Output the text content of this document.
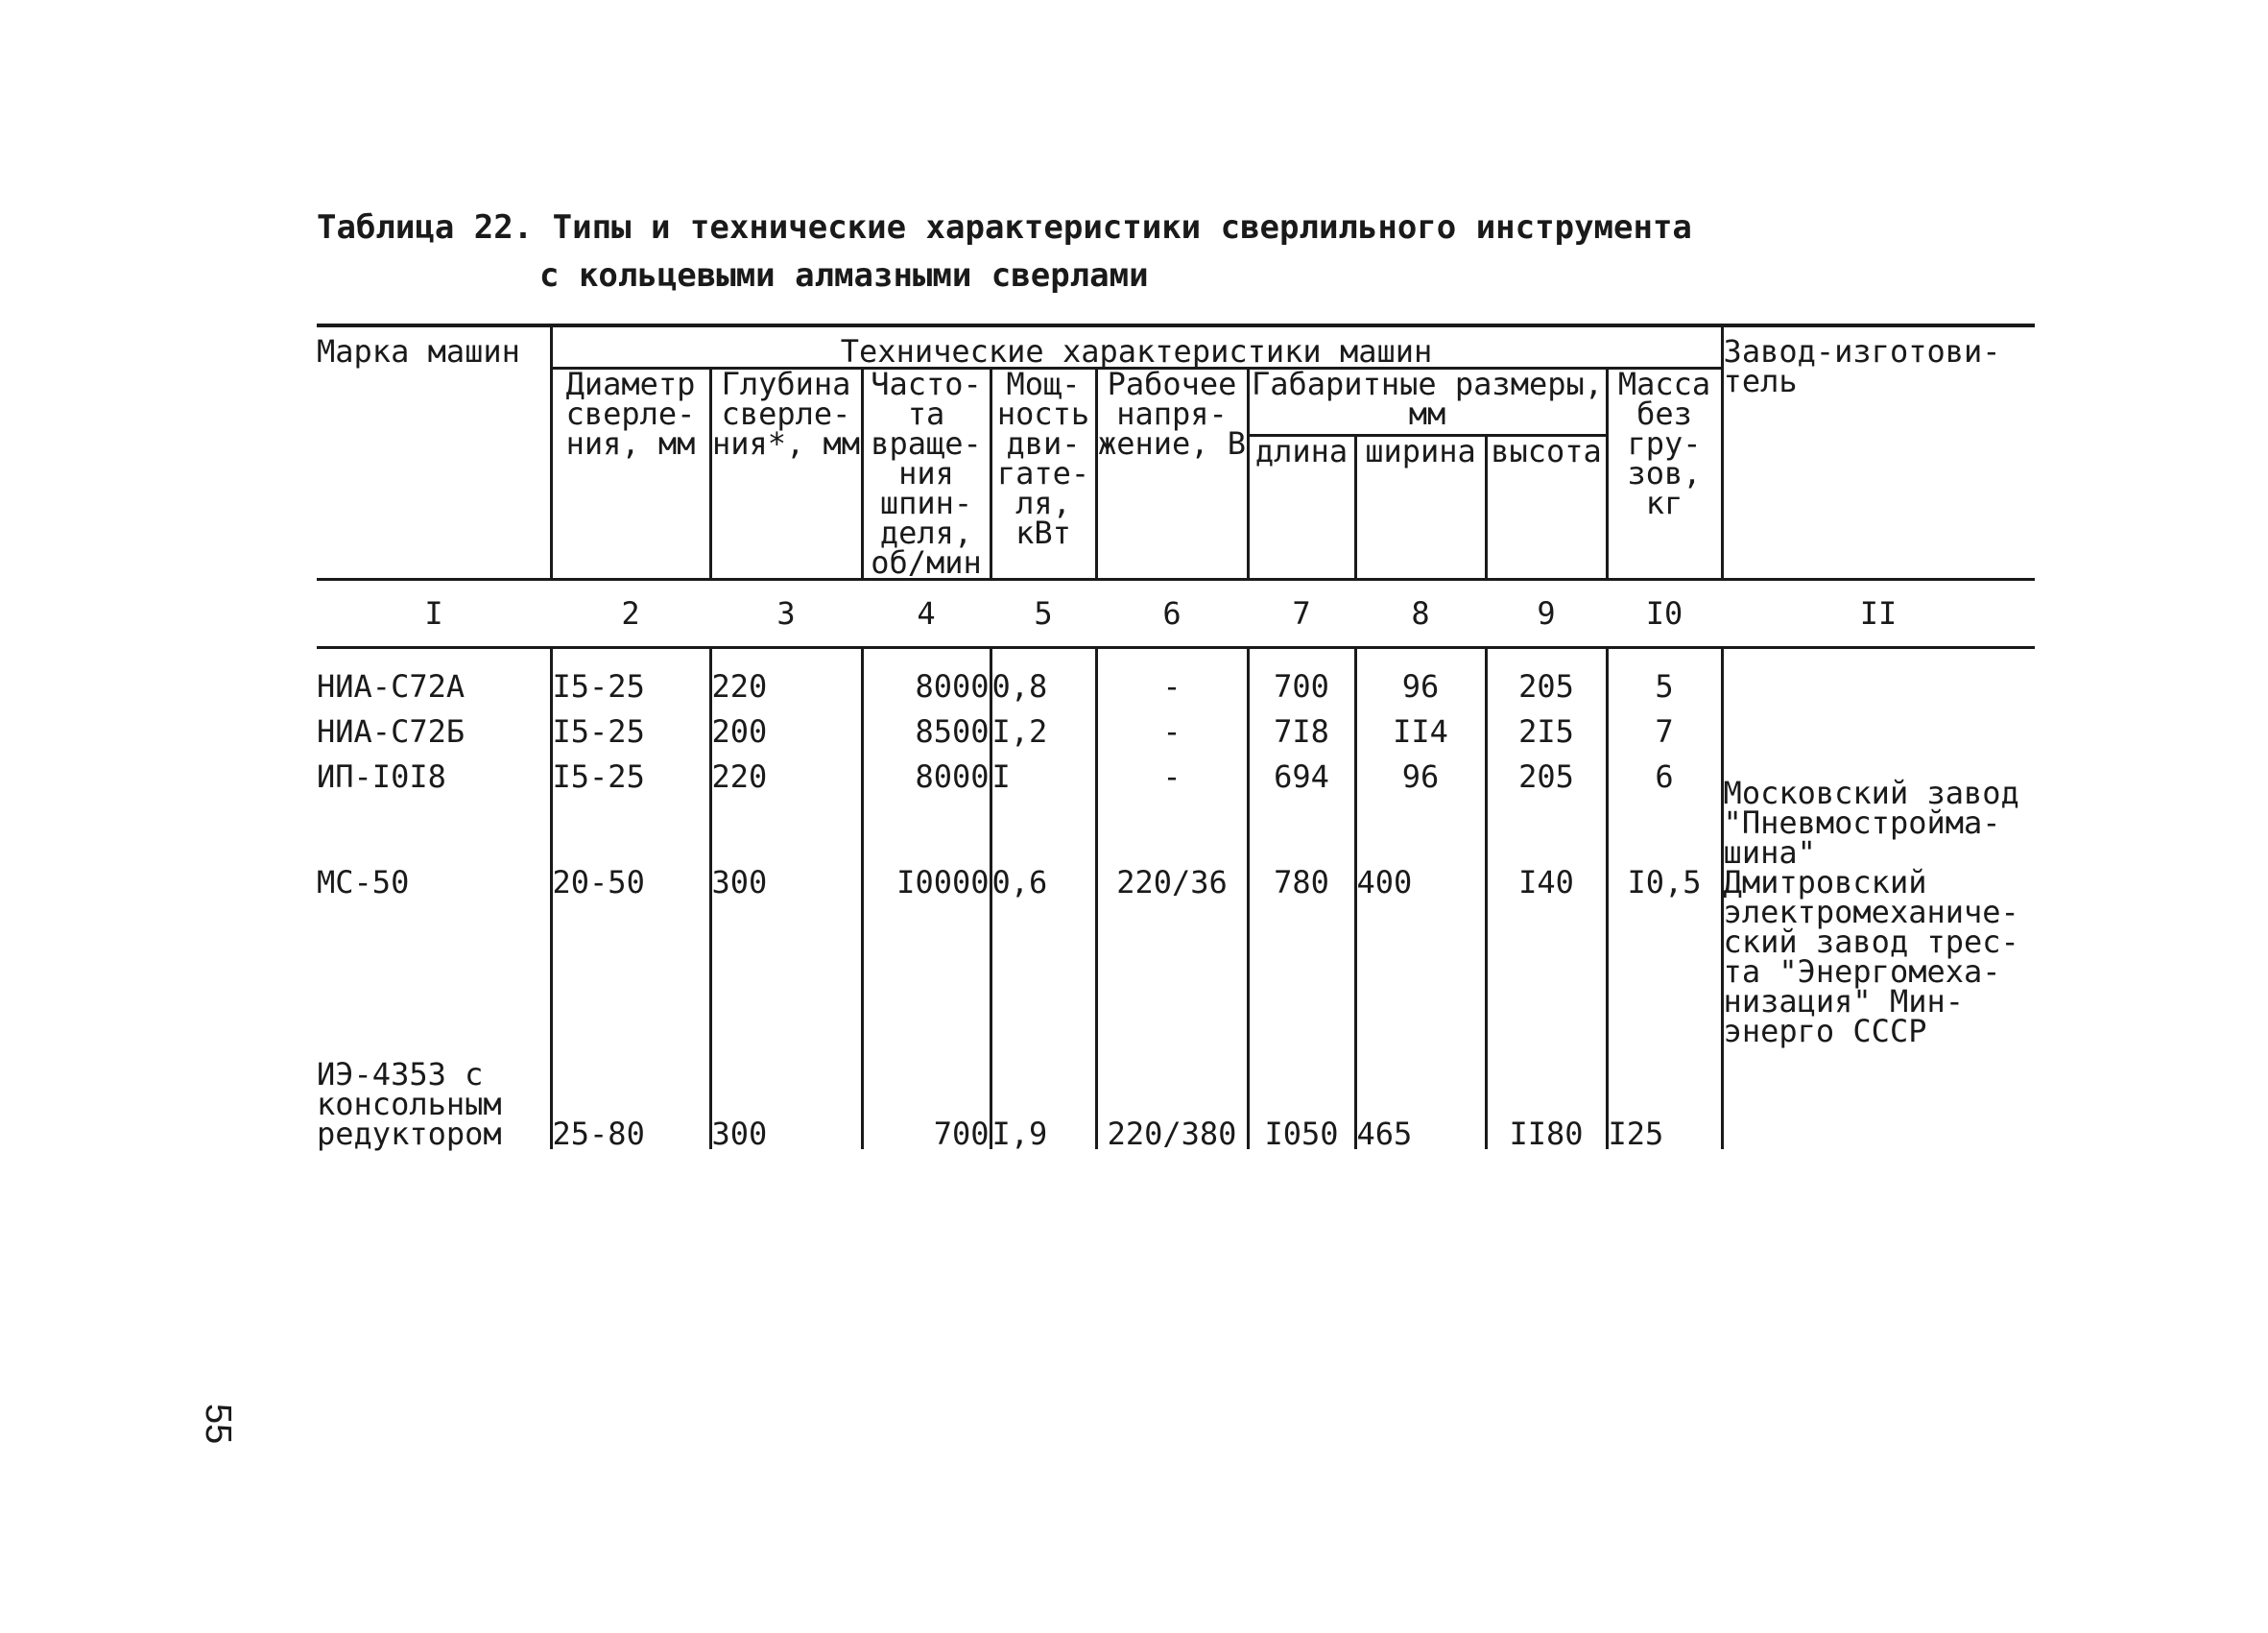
Таблица 22. Типы и технические характеристики сверлильного инструмента
с кольцевыми алмазными сверлами
Марка машин	Технические характеристики машин									Завод-изготови-тель
	Диаметр сверле-ния, мм	Глубина сверле-ния*, мм	Часто-та враще-ния шпин-деля, об/мин	Мощ-ность дви-гате-ля, кВт	Рабочее напря-жение, В	Габаритные размеры, мм			Масса без гру-зов, кг	
						длина	ширина	высота		
I	2	3	4	5	6	7	8	9	I0	II
НИА-С72А	I5-25	220	8000	0,8	-	700	96	205	5	Московский завод "Пневмостройма-шина"
НИА-С72Б	I5-25	200	8500	I,2	-	7I8	II4	2I5	7	
ИП-I0I8	I5-25	220	8000	I	-	694	96	205	6	
МС-50	20-50	300	I0000	0,6	220/36	780	400	I40	I0,5	Дмитровский электромеханиче-ский завод трес-та "Энергомеха-низация" Мин-энерго СССР
ИЭ-4353 с консольным редуктором	25-80	300	700	I,9	220/380	I050	465	II80	I25	
55
